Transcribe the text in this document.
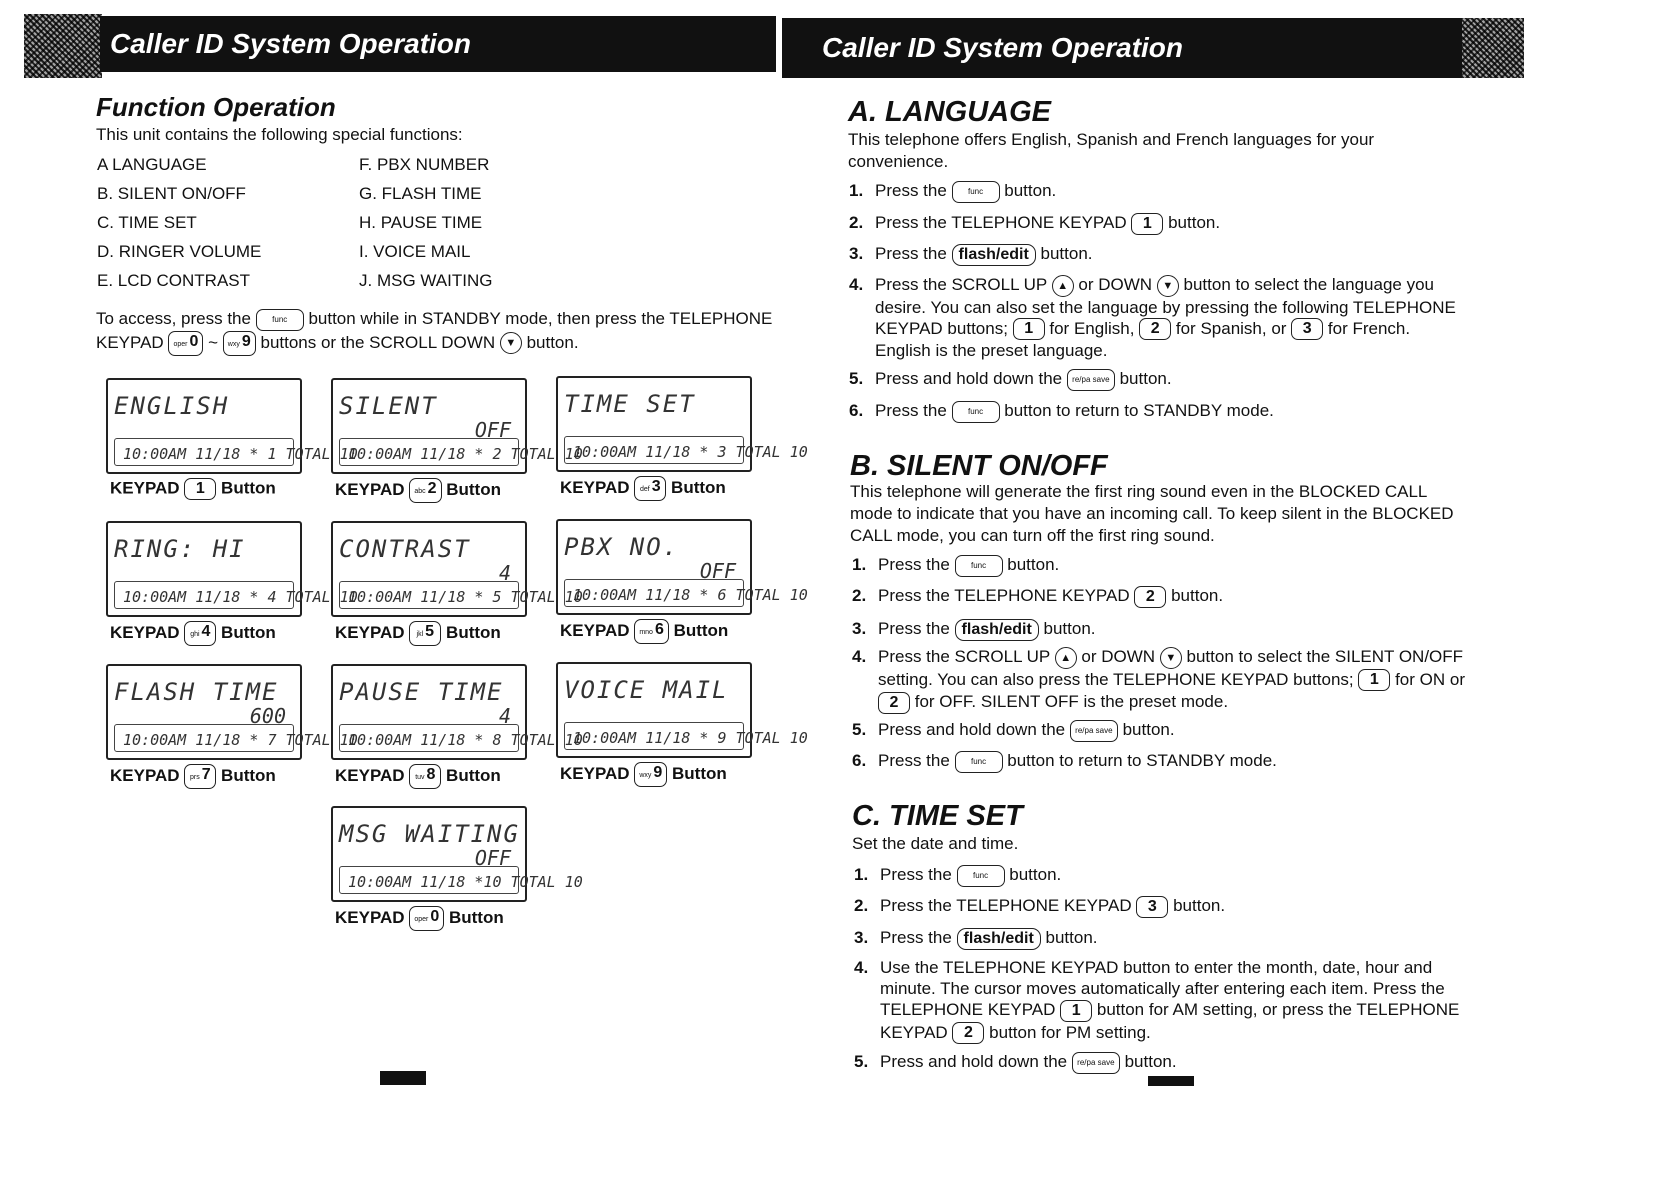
Caller ID System Operation	Caller ID System Operation
Function Operation

This unit contains the following special functions:

A LANGUAGE
B. SILENT ON/OFF
C. TIME SET
D. RINGER VOLUME
E. LCD CONTRAST
F. PBX NUMBER
G. FLASH TIME
H. PAUSE TIME
I. VOICE MAIL
J. MSG WAITING
To access, press the	func button while in STANDBY mode, then press the TELEPHONE
KEYPAD oper 0 ~ wxy 9 buttons or the SCROLL DOWN ▼ button.
ENGLISH
10:00AM 11/18 * 1 TOTAL 10
KEYPAD 1 Button
SILENT
OFF
10:00AM 11/18 * 2 TOTAL 10
KEYPAD abc 2 Button
TIME SET
10:00AM 11/18 * 3 TOTAL 10
KEYPAD def 3 Button
RING: HI
10:00AM 11/18 * 4 TOTAL 10
KEYPAD ghi 4 Button
CONTRAST
4
10:00AM 11/18 * 5 TOTAL 10
KEYPAD jkl 5 Button
PBX NO.
OFF
10:00AM 11/18 * 6 TOTAL 10
KEYPAD mno 6 Button
FLASH TIME
600
10:00AM 11/18 * 7 TOTAL 10
KEYPAD prs 7 Button
PAUSE TIME
4
10:00AM 11/18 * 8 TOTAL 10
KEYPAD tuv 8 Button
VOICE MAIL
10:00AM 11/18 * 9 TOTAL 10
KEYPAD wxy 9 Button
MSG WAITING
OFF
10:00AM 11/18 *10 TOTAL 10
KEYPAD oper 0 Button
A. LANGUAGE

This telephone offers English, Spanish and French languages for your convenience.

1. Press the func button.
2. Press the TELEPHONE KEYPAD 1 button.
3. Press the flash/edit button.
4. Press the SCROLL UP ▲ or DOWN ▼ button to select the language you desire. You can also set the language by pressing the following TELEPHONE KEYPAD buttons; 1 for English, 2 for Spanish, or 3 for French. English is the preset language.
5. Press and hold down the re/pa save button.
6. Press the func button to return to STANDBY mode.
B. SILENT ON/OFF

This telephone will generate the first ring sound even in the BLOCKED CALL mode to indicate that you have an incoming call. To keep silent in the BLOCKED CALL mode, you can turn off the first ring sound.

1. Press the func button.
2. Press the TELEPHONE KEYPAD 2 button.
3. Press the flash/edit button.
4. Press the SCROLL UP ▲ or DOWN ▼ button to select the SILENT ON/OFF setting. You can also press the TELEPHONE KEYPAD buttons; 1 for ON or 2 for OFF. SILENT OFF is the preset mode.
5. Press and hold down the re/pa save button.
6. Press the func button to return to STANDBY mode.
C. TIME SET

Set the date and time.

1. Press the func button.
2. Press the TELEPHONE KEYPAD 3 button.
3. Press the flash/edit button.
4. Use the TELEPHONE KEYPAD button to enter the month, date, hour and minute. The cursor moves automatically after entering each item. Press the TELEPHONE KEYPAD 1 button for AM setting, or press the TELEPHONE KEYPAD 2 button for PM setting.
5. Press and hold down the re/pa save button.
